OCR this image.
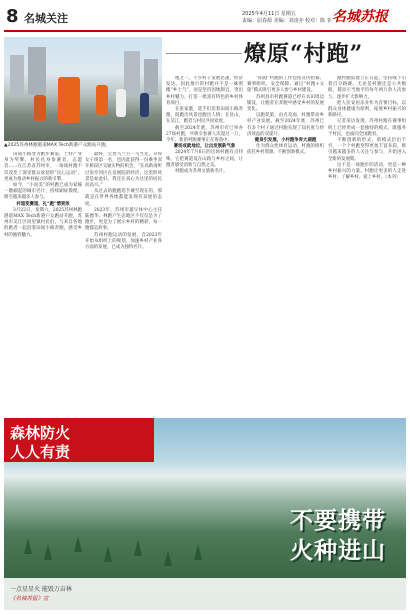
8 名城关注	2025年4月11日 星期五
责编：屈春源 美编：刘凌亦 校对：陈 菲 名城苏报
▲2025苏州林跑港道MAX Tech新港户众跑站开跑。
燎原“村跑”

田间小路变为跑步赛道，土特产变身为奖牌，村民化身参赛者，志愿者……在江苏省苏州市，一场场村跑不仅改变了深受群众欢迎的“民心运动”，更成为推动乡村振兴的新引擎。

如今，“小而美”的村跑已成为家喻一散颇起的城市名片，持续刷屏摸埋，吸引越来越多人参与。

村道变赛道，礼“跑”情更浓

3月22日，星期六，2025苏州林跑港道MAX Tech新港户众跑站开跑，苏州市吴江区同里镇村民们，与来自各地的跑者一起沿着田间小路奔跑，感受乡村的独特魅力。

最终，宝贵马兰公一马当先，夺得女子组第一名，也因此获得一份乘坐双开桥段区交通实物的机会，“在高新岗听过说亭河区在发展院的经济，这里的风景是如此好。我还在真心为这里的居民而高兴。”

从过去的跑跑选手城至现在的，那就是在世界各地都能发现有发展的态度。

2023年，苏州市最早体中心主任陆德华。林跑产生态地区不仅仅是为了跑步，更是为了展示乡村的精彩，每一跑都是故事。

苏州村跑运动的发展，自2023年开始从组织上的规划，加速乡村产业各方面的发展，已成为独特名片。

地之一。不少村子发展迅速，经济发达。因此推行的村跑并不是一味照搬“乡土气”，而是坚持因地制宜，突出乡村魅力，打造一批富有特色的乡村体育项目。

在张家港，选手们沿着田间小路奔跑，既跑出风景也跑出人情；在昆山，在吴江，跑者与村民共同欢度。

截至2024年底，苏州市有已举办27场村跑，共吸引参赛人次超过一万，今年，新的村跑赛事正在筹备中。

赛场成就地位，让出发展新气象

2024年7月6日的这场村跑有点特殊，它把赛道设在山路与乡村之间，让跑者感受清新与自然之美。

村跑成为苏州文旅新名片。

“阳澄”村跑的工作包括宣传招募、赛事组织、安全保障，通过“村跑+文旅”模式吸引更多人参与乡村建设。

苏州县市村跑赛道已经在农田周边铺设，让跑者在奔跑中感受乡村的发展变化。

以跑促旅，由点及面，村跑带动乡村产业发展。截至2024年底，苏州已有多个村子通过村跑实现了知名度与经济效益的双提升。

健身引发展，小村跑争奔大湖跑

作为群众性体育运动，村跑的组织依托乡村资源，不断创新模式。

跑村跑前建立正日起，坚持线下引着百分路赛。无论是村跑还是公共数据，都显示当地平均每年两万余人次参与，逐步扩大影响力。

把人民安居乐业作为首要目标，以群众身体健康为原则，拓展乡村振兴的新路径。

记者采访发现，苏州村跑在赛事组织上已经形成一套独特的模式，既服务于村民，也面向全国跑者。

不断创新的形式，新模式层出不穷，一个个村跑变得更加丰富多彩，吸引越来越多的人关注与参与，开始进入全新的发展期。

这不是一场跑步的活动，更是一种乡村振兴的力量。村跑让更多的人走进乡村、了解乡村、爱上乡村。（本刊）

森林防火
人人有责
不要携带
火种进山
一点星星火 能毁万亩林
《名城苏报》宣
